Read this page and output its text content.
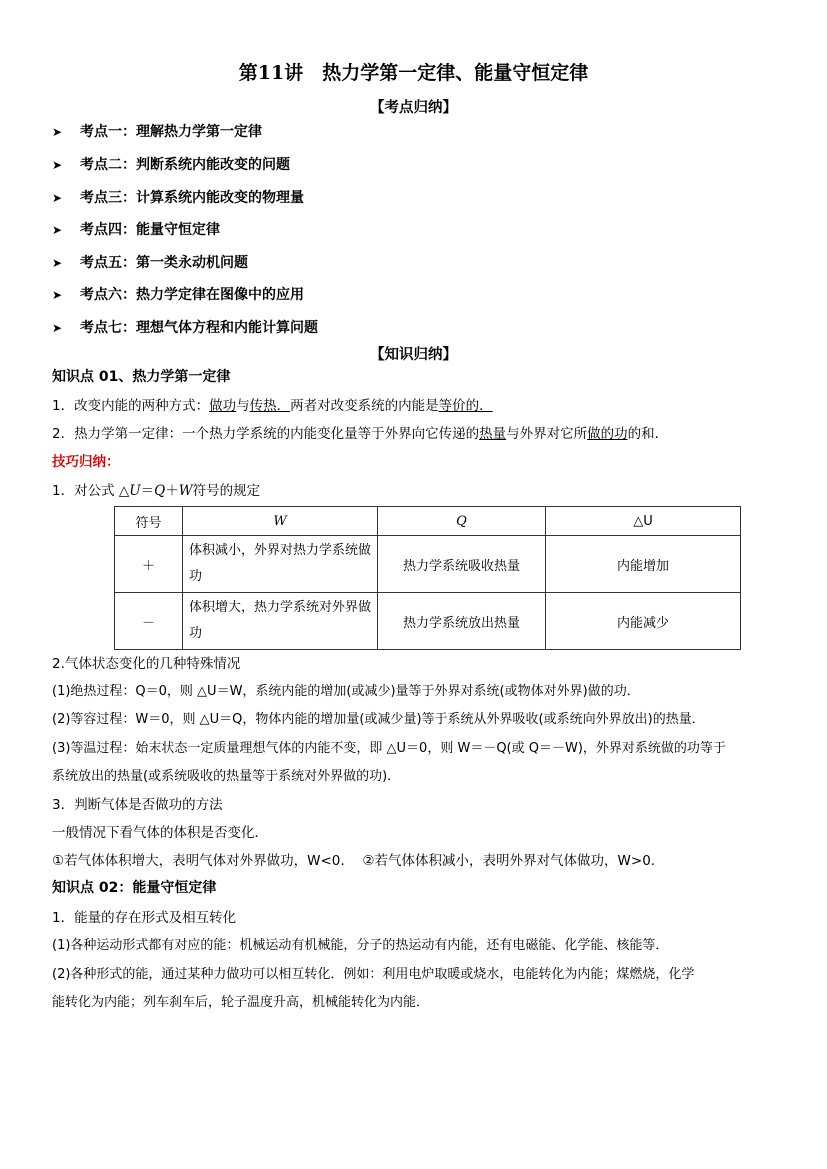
第11讲　热力学第一定律、能量守恒定律
【考点归纳】
➤ 考点一：理解热力学第一定律
➤ 考点二：判断系统内能改变的问题
➤ 考点三：计算系统内能改变的物理量
➤ 考点四：能量守恒定律
➤ 考点五：第一类永动机问题
➤ 考点六：热力学定律在图像中的应用
➤ 考点七：理想气体方程和内能计算问题
【知识归纳】
知识点 01、热力学第一定律
1．改变内能的两种方式：做功与传热．两者对改变系统的内能是等价的．
2．热力学第一定律：一个热力学系统的内能变化量等于外界向它传递的热量与外界对它所做的功的和．
技巧归纳：
1．对公式 △U＝Q＋W符号的规定
符号	W	Q	△U
＋	体积减小，外界对热力学系统做功	热力学系统吸收热量	内能增加
－	体积增大，热力学系统对外界做功	热力学系统放出热量	内能减少
2.气体状态变化的几种特殊情况
(1)绝热过程：Q＝0，则 △U＝W，系统内能的增加(或减少)量等于外界对系统(或物体对外界)做的功．
(2)等容过程：W＝0，则 △U＝Q，物体内能的增加量(或减少量)等于系统从外界吸收(或系统向外界放出)的热量．
(3)等温过程：始末状态一定质量理想气体的内能不变，即 △U＝0，则 W＝－Q(或 Q＝－W)，外界对系统做的功等于
系统放出的热量(或系统吸收的热量等于系统对外界做的功)．
3．判断气体是否做功的方法
一般情况下看气体的体积是否变化．
①若气体体积增大，表明气体对外界做功，W<0.　 ②若气体体积减小，表明外界对气体做功，W>0.
知识点 02：能量守恒定律
1．能量的存在形式及相互转化
(1)各种运动形式都有对应的能：机械运动有机械能，分子的热运动有内能，还有电磁能、化学能、核能等．
(2)各种形式的能，通过某种力做功可以相互转化．例如：利用电炉取暖或烧水，电能转化为内能；煤燃烧，化学
能转化为内能；列车刹车后，轮子温度升高，机械能转化为内能．
